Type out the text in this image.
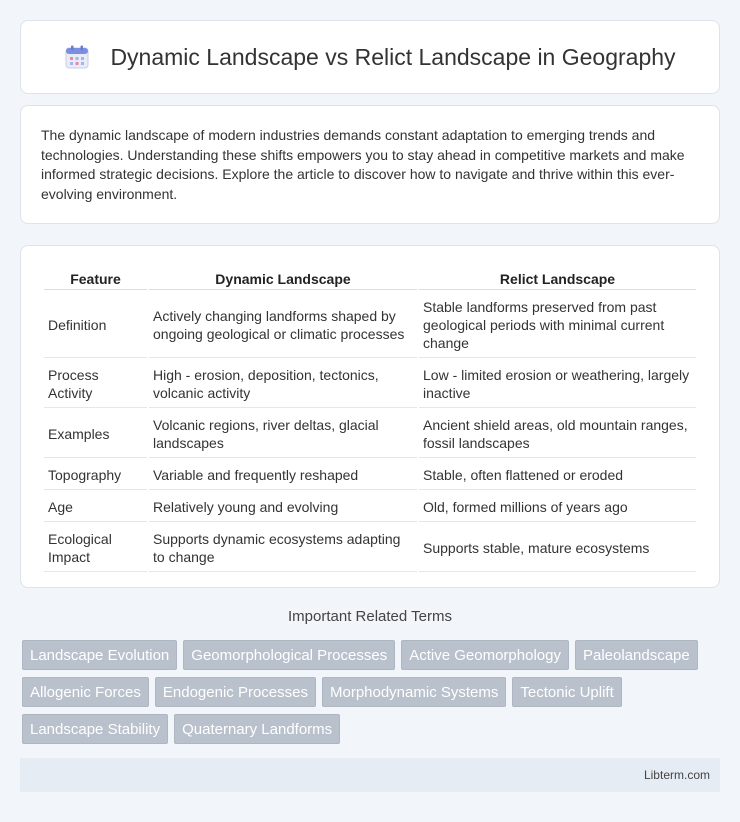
Dynamic Landscape vs Relict Landscape in Geography

The dynamic landscape of modern industries demands constant adaptation to emerging trends and technologies. Understanding these shifts empowers you to stay ahead in competitive markets and make informed strategic decisions. Explore the article to discover how to navigate and thrive within this ever-evolving environment.

Feature	Dynamic Landscape	Relict Landscape
Definition	Actively changing landforms shaped by ongoing geological or climatic processes	Stable landforms preserved from past geological periods with minimal current change
Process Activity	High - erosion, deposition, tectonics, volcanic activity	Low - limited erosion or weathering, largely inactive
Examples	Volcanic regions, river deltas, glacial landscapes	Ancient shield areas, old mountain ranges, fossil landscapes
Topography	Variable and frequently reshaped	Stable, often flattened or eroded
Age	Relatively young and evolving	Old, formed millions of years ago
Ecological Impact	Supports dynamic ecosystems adapting to change	Supports stable, mature ecosystems
Important Related Terms
Landscape Evolution	Geomorphological Processes	Active Geomorphology	Paleolandscape
Allogenic Forces	Endogenic Processes	Morphodynamic Systems	Tectonic Uplift
Landscape Stability	Quaternary Landforms
Libterm.com
